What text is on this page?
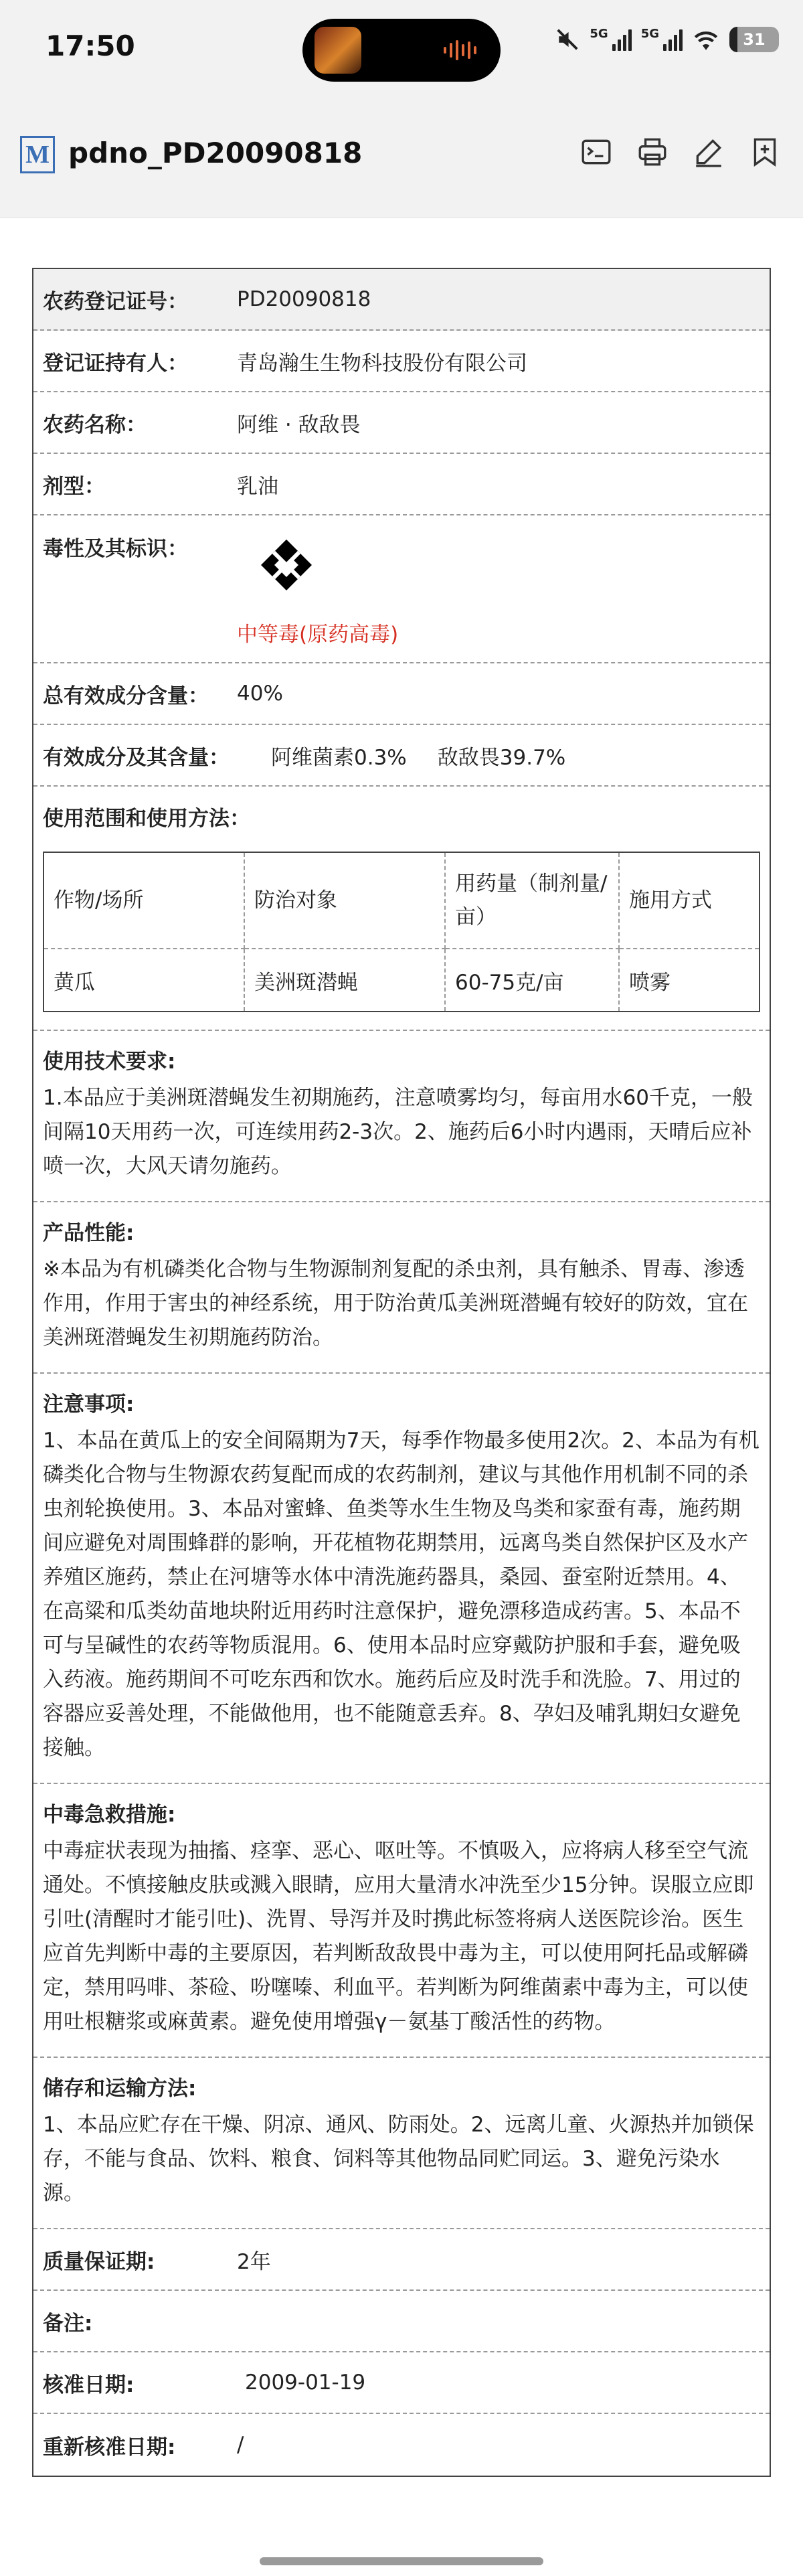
17:50	5G	5G	31
M pdno_PD20090818
农药登记证号：	PD20090818
登记证持有人：	青岛瀚生生物科技股份有限公司
农药名称：	阿维 · 敌敌畏
剂型：	乳油
毒性及其标识：
中等毒(原药高毒)
总有效成分含量：	40%
有效成分及其含量： 阿维菌素0.3% 敌敌畏39.7%
使用范围和使用方法：
作物/场所	防治对象	用药量（制剂量/亩）	施用方式
黄瓜	美洲斑潜蝇	60-75克/亩	喷雾
使用技术要求:
1.本品应于美洲斑潜蝇发生初期施药，注意喷雾均匀，每亩用水60千克，一般间隔10天用药一次，可连续用药2-3次。2、施药后6小时内遇雨，天晴后应补喷一次，大风天请勿施药。
产品性能:
※本品为有机磷类化合物与生物源制剂复配的杀虫剂，具有触杀、胃毒、渗透作用，作用于害虫的神经系统，用于防治黄瓜美洲斑潜蝇有较好的防效，宜在美洲斑潜蝇发生初期施药防治。
注意事项:
1、本品在黄瓜上的安全间隔期为7天，每季作物最多使用2次。2、本品为有机磷类化合物与生物源农药复配而成的农药制剂，建议与其他作用机制不同的杀虫剂轮换使用。3、本品对蜜蜂、鱼类等水生生物及鸟类和家蚕有毒，施药期间应避免对周围蜂群的影响，开花植物花期禁用，远离鸟类自然保护区及水产养殖区施药，禁止在河塘等水体中清洗施药器具，桑园、蚕室附近禁用。4、在高粱和瓜类幼苗地块附近用药时注意保护，避免漂移造成药害。5、本品不可与呈碱性的农药等物质混用。6、使用本品时应穿戴防护服和手套，避免吸入药液。施药期间不可吃东西和饮水。施药后应及时洗手和洗脸。7、用过的容器应妥善处理，不能做他用，也不能随意丢弃。8、孕妇及哺乳期妇女避免接触。
中毒急救措施:
中毒症状表现为抽搐、痉挛、恶心、呕吐等。不慎吸入，应将病人移至空气流通处。不慎接触皮肤或溅入眼睛，应用大量清水冲洗至少15分钟。误服立应即引吐(清醒时才能引吐)、洗胃、导泻并及时携此标签将病人送医院诊治。医生应首先判断中毒的主要原因，若判断敌敌畏中毒为主，可以使用阿托品或解磷定，禁用吗啡、茶硷、吩噻嗪、利血平。若判断为阿维菌素中毒为主，可以使用吐根糖浆或麻黄素。避免使用增强γ－氨基丁酸活性的药物。
储存和运输方法:
1、本品应贮存在干燥、阴凉、通风、防雨处。2、远离儿童、火源热并加锁保存，不能与食品、饮料、粮食、饲料等其他物品同贮同运。3、避免污染水源。
质量保证期:	2年
备注:
核准日期:	2009-01-19
重新核准日期:	/
